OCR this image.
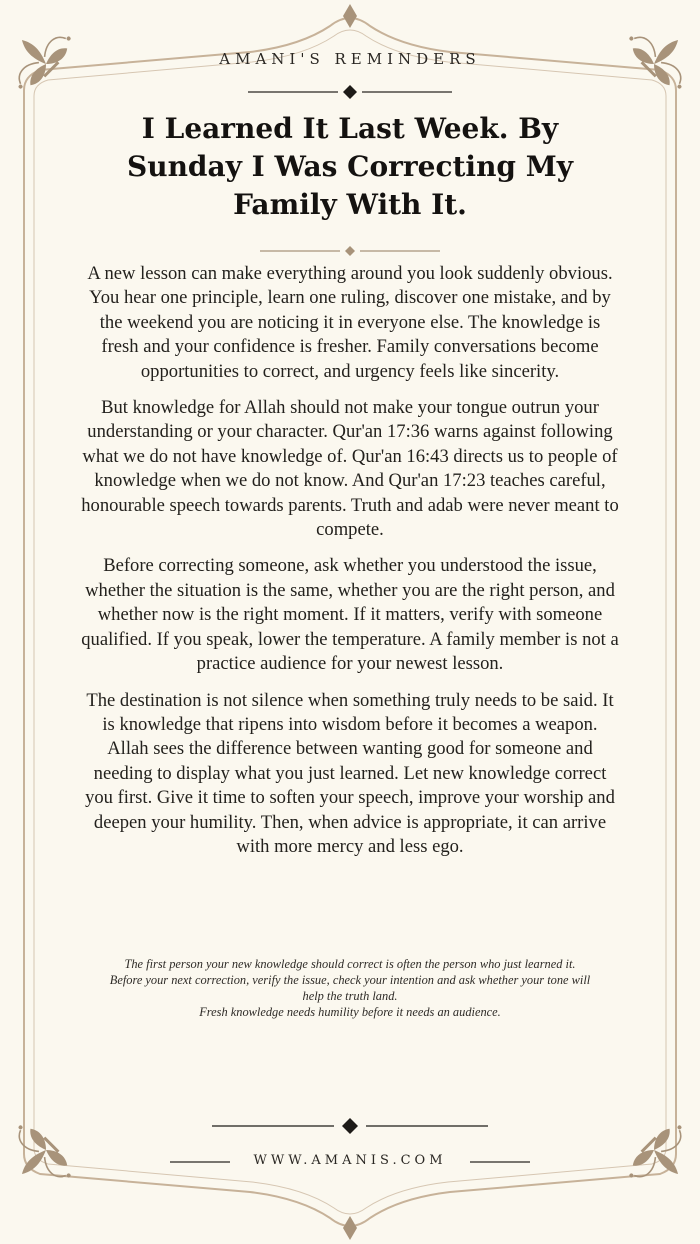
AMANI'S REMINDERS
I Learned It Last Week. By Sunday I Was Correcting My Family With It.

A new lesson can make everything around you look suddenly obvious. You hear one principle, learn one ruling, discover one mistake, and by the weekend you are noticing it in everyone else. The knowledge is fresh and your confidence is fresher. Family conversations become opportunities to correct, and urgency feels like sincerity.

But knowledge for Allah should not make your tongue outrun your understanding or your character. Qur'an 17:36 warns against following what we do not have knowledge of. Qur'an 16:43 directs us to people of knowledge when we do not know. And Qur'an 17:23 teaches careful, honourable speech towards parents. Truth and adab were never meant to compete.

Before correcting someone, ask whether you understood the issue, whether the situation is the same, whether you are the right person, and whether now is the right moment. If it matters, verify with someone qualified. If you speak, lower the temperature. A family member is not a practice audience for your newest lesson.

The destination is not silence when something truly needs to be said. It is knowledge that ripens into wisdom before it becomes a weapon. Allah sees the difference between wanting good for someone and needing to display what you just learned. Let new knowledge correct you first. Give it time to soften your speech, improve your worship and deepen your humility. Then, when advice is appropriate, it can arrive with more mercy and less ego.

The first person your new knowledge should correct is often the person who just learned it.

Before your next correction, verify the issue, check your intention and ask whether your tone will help the truth land.

Fresh knowledge needs humility before it needs an audience.

WWW.AMANIS.COM
